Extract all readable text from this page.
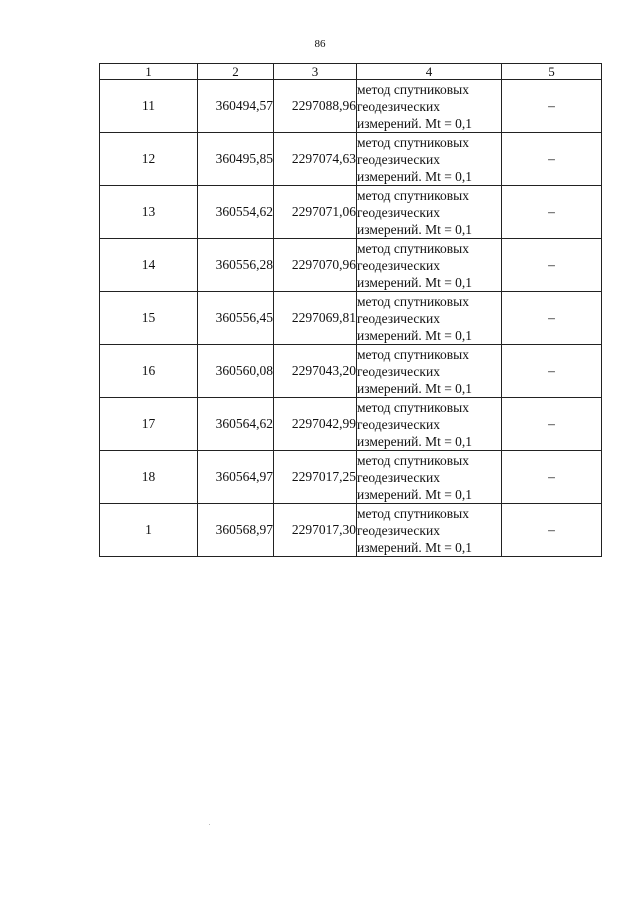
86
1	2	3	4	5
11	360494,57	2297088,96	метод спутниковых
геодезических
измерений. Mt = 0,1	–
12	360495,85	2297074,63	метод спутниковых
геодезических
измерений. Mt = 0,1	–
13	360554,62	2297071,06	метод спутниковых
геодезических
измерений. Mt = 0,1	–
14	360556,28	2297070,96	метод спутниковых
геодезических
измерений. Mt = 0,1	–
15	360556,45	2297069,81	метод спутниковых
геодезических
измерений. Mt = 0,1	–
16	360560,08	2297043,20	метод спутниковых
геодезических
измерений. Mt = 0,1	–
17	360564,62	2297042,99	метод спутниковых
геодезических
измерений. Mt = 0,1	–
18	360564,97	2297017,25	метод спутниковых
геодезических
измерений. Mt = 0,1	–
1	360568,97	2297017,30	метод спутниковых
геодезических
измерений. Mt = 0,1	–
